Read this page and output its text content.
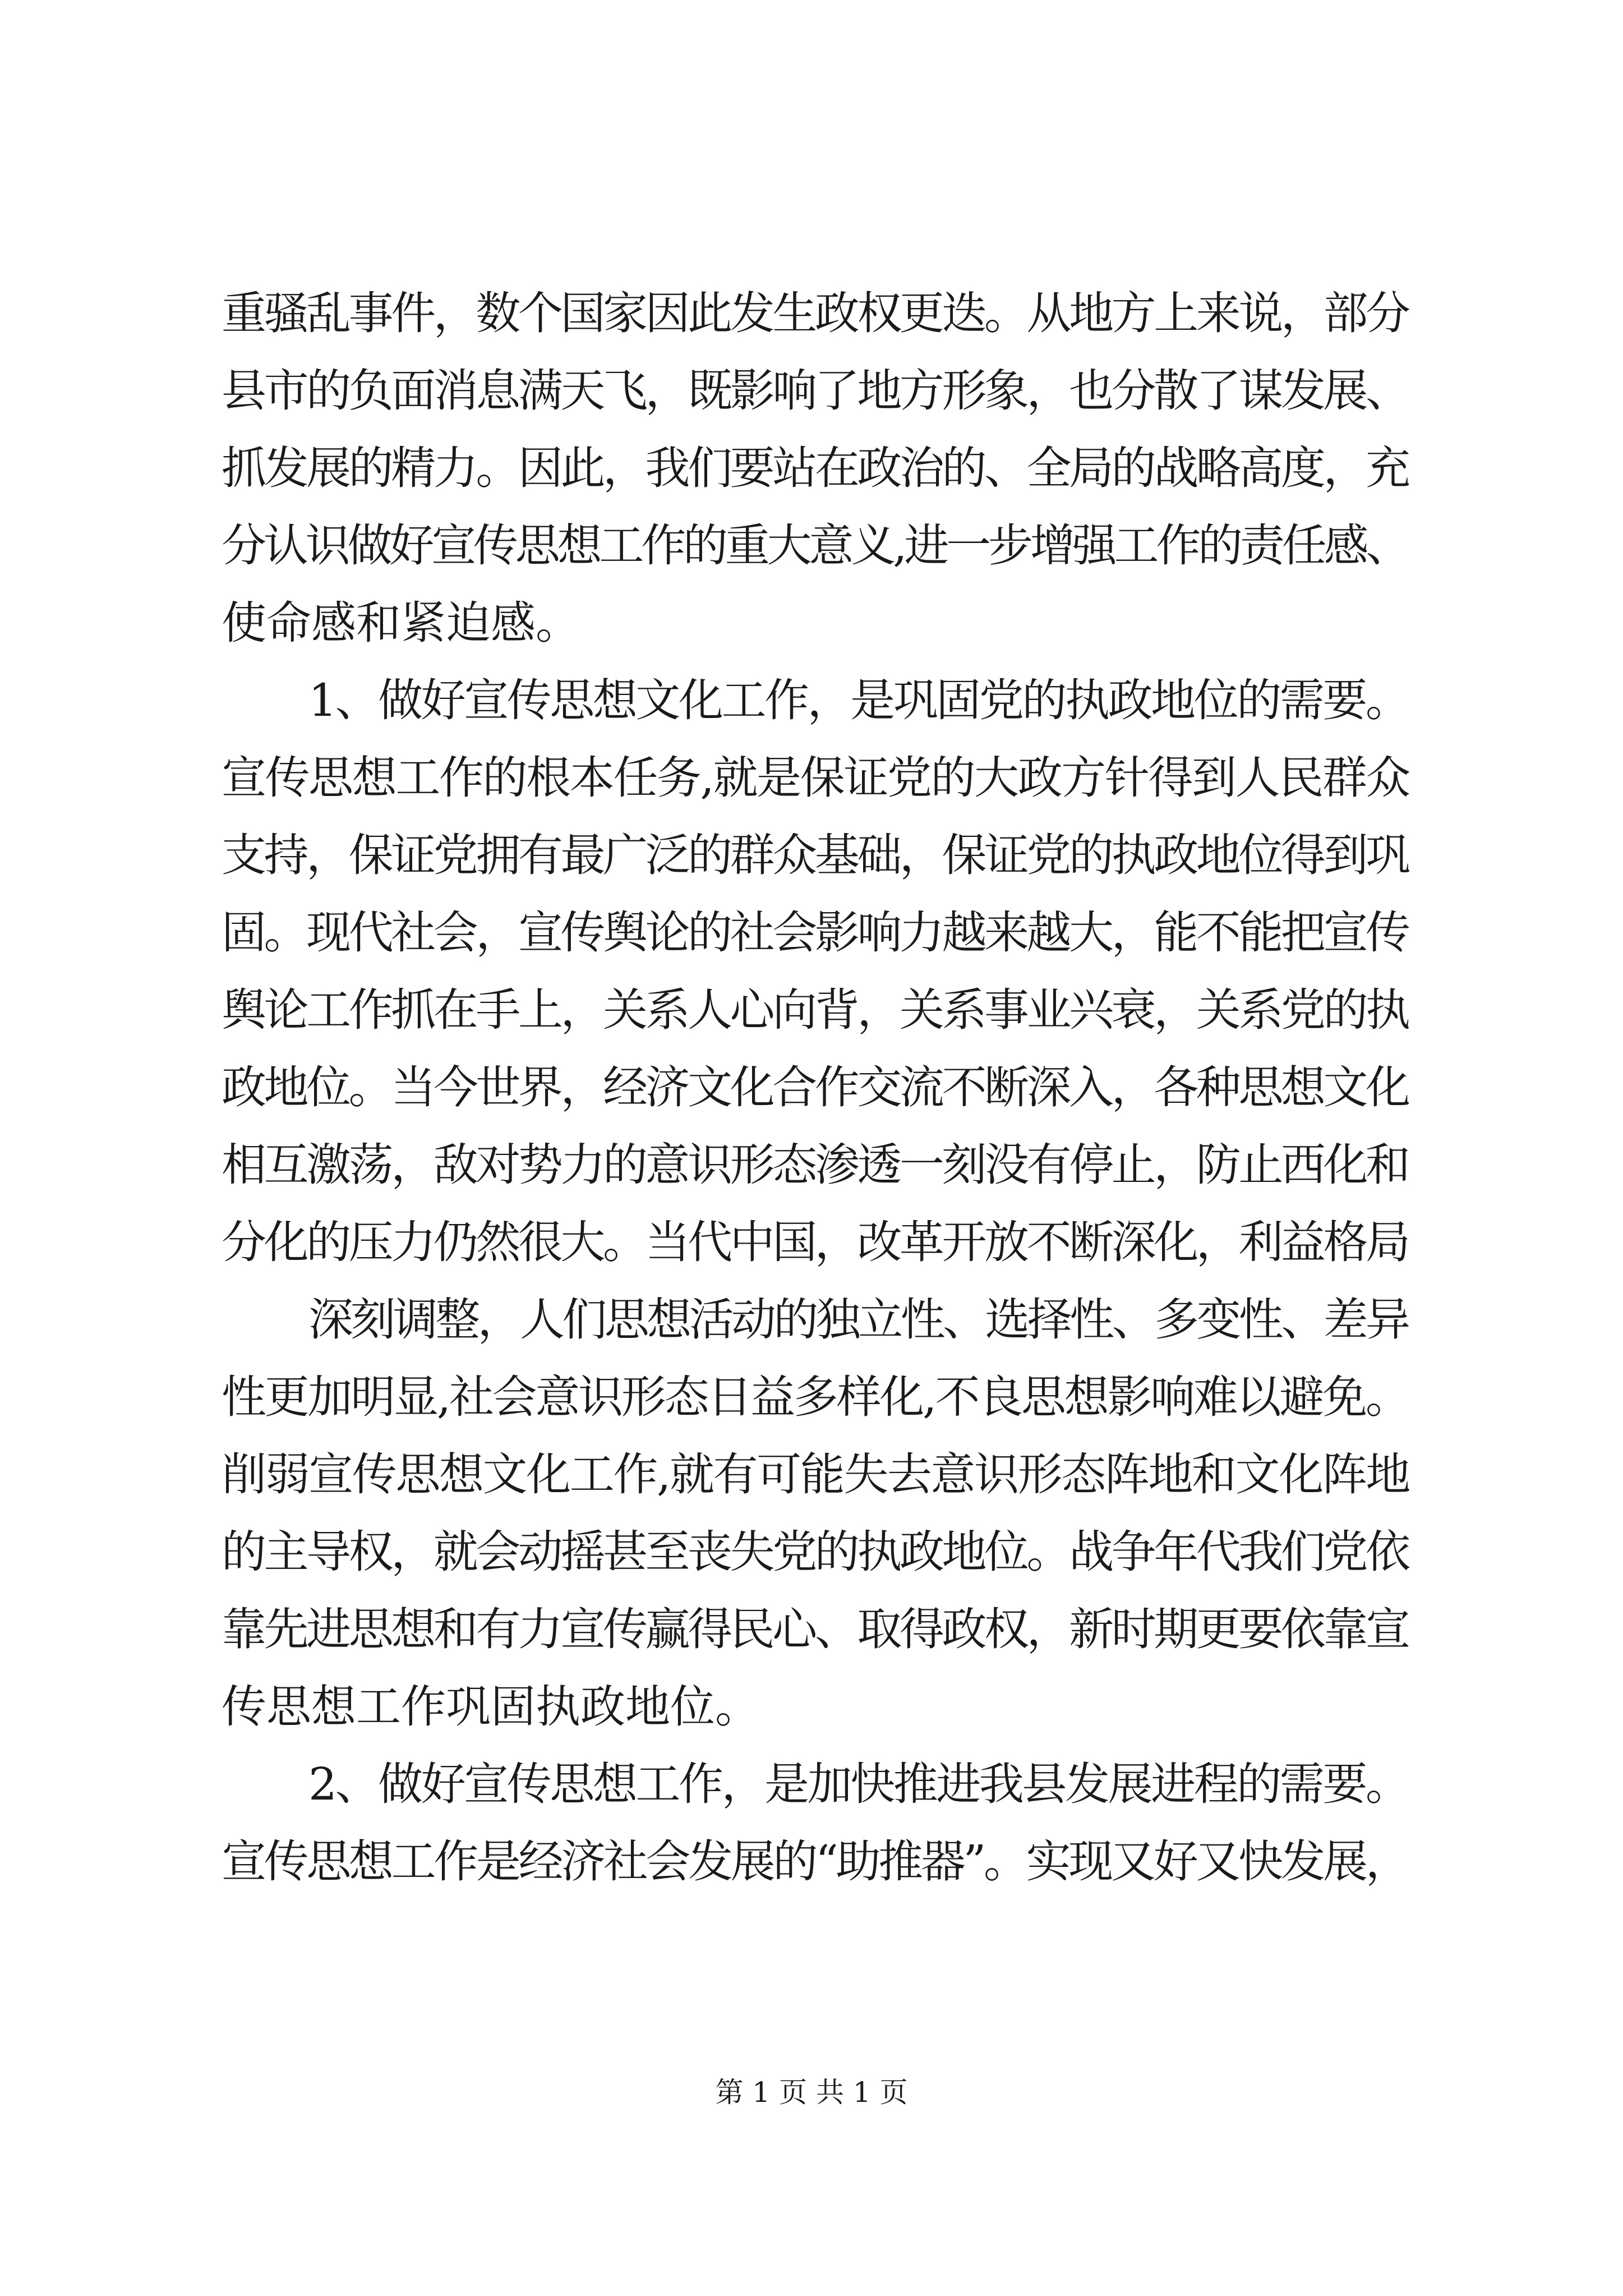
重骚乱事件，数个国家因此发生政权更迭。从地方上来说，部分
县市的负面消息满天飞，既影响了地方形象，也分散了谋发展、
抓发展的精力。因此，我们要站在政治的、全局的战略高度，充
分认识做好宣传思想工作的重大意义,进一步增强工作的责任感、
使命感和紧迫感。
1、做好宣传思想文化工作，是巩固党的执政地位的需要。
宣传思想工作的根本任务,就是保证党的大政方针得到人民群众
支持，保证党拥有最广泛的群众基础，保证党的执政地位得到巩
固。现代社会，宣传舆论的社会影响力越来越大，能不能把宣传
舆论工作抓在手上，关系人心向背，关系事业兴衰，关系党的执
政地位。当今世界，经济文化合作交流不断深入，各种思想文化
相互激荡，敌对势力的意识形态渗透一刻没有停止，防止西化和
分化的压力仍然很大。当代中国，改革开放不断深化，利益格局
深刻调整，人们思想活动的独立性、选择性、多变性、差异
性更加明显,社会意识形态日益多样化,不良思想影响难以避免。
削弱宣传思想文化工作,就有可能失去意识形态阵地和文化阵地
的主导权，就会动摇甚至丧失党的执政地位。战争年代我们党依
靠先进思想和有力宣传赢得民心、取得政权，新时期更要依靠宣
传思想工作巩固执政地位。
2、做好宣传思想工作，是加快推进我县发展进程的需要。
宣传思想工作是经济社会发展的“助推器”。实现又好又快发展，
第 1 页 共 1 页
